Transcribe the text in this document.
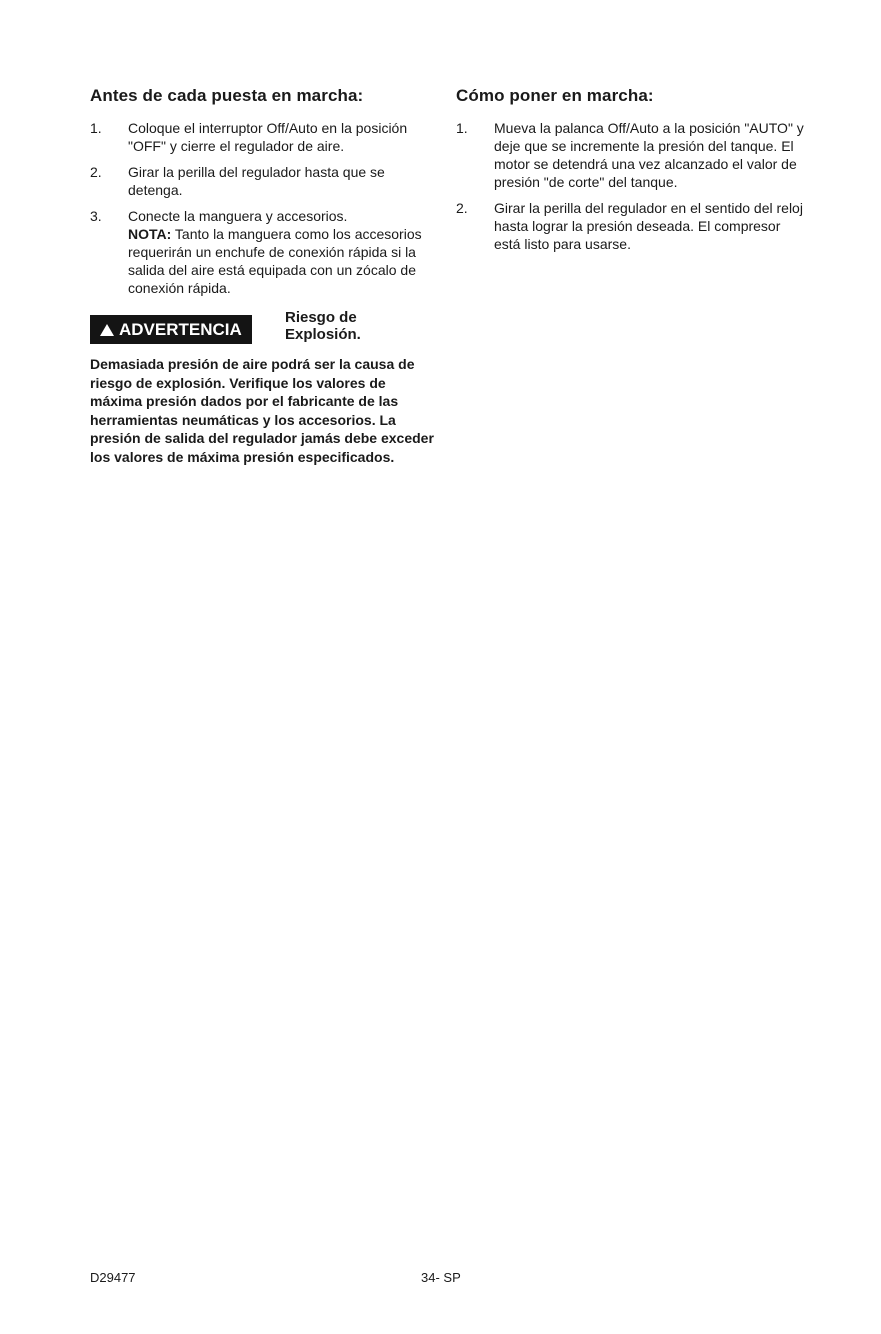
Antes de cada puesta en marcha:
1. Coloque el interruptor Off/Auto en la posición "OFF" y cierre el regulador de aire.
2. Girar la perilla del regulador hasta que se detenga.
3. Conecte la manguera y accesorios.
NOTA: Tanto la manguera como los accesorios requerirán un enchufe de conexión rápida si la salida del aire está equipada con un zócalo de conexión rápida.
ADVERTENCIA
Riesgo de Explosión.
Demasiada presión de aire podrá ser la causa de riesgo de explosión. Verifique los valores de máxima presión dados por el fabricante de las herramientas neumáticas y los accesorios. La presión de salida del regulador jamás debe exceder los valores de máxima presión especificados.
Cómo poner en marcha:
1. Mueva la palanca Off/Auto a la posición "AUTO" y deje que se incremente la presión del tanque. El motor se detendrá una vez alcanzado el valor de presión "de corte" del tanque.
2. Girar la perilla del regulador en el sentido del reloj hasta lograr la presión deseada. El compresor está listo para usarse.
D29477	34- SP
